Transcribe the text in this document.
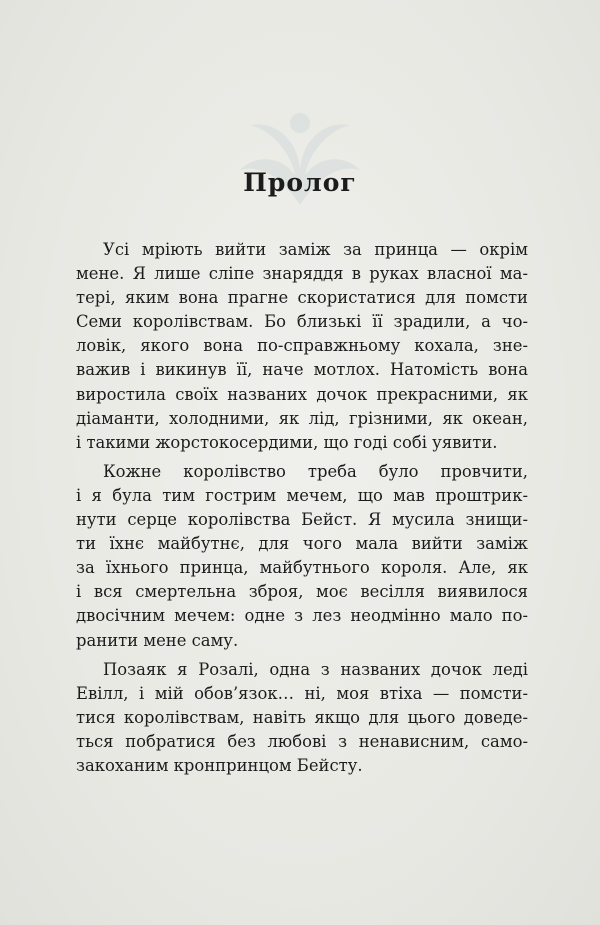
Пролог
Усі мріють вийти заміж за принца — окрім
мене. Я лише сліпе знаряддя в руках власної ма-
тері, яким вона прагне скористатися для помсти
Семи королівствам. Бо близькі її зрадили, а чо-
ловік, якого вона по-справжньому кохала, зне-
важив і викинув її, наче мотлох. Натомість вона
виростила своїх названих дочок прекрасними, як
діаманти, холодними, як лід, грізними, як океан,
і такими жорстокосердими, що годі собі уявити.
Кожне королівство треба було провчити,
і я була тим гострим мечем, що мав проштрик-
нути серце королівства Бейст. Я мусила знищи-
ти їхнє майбутнє, для чого мала вийти заміж
за їхнього принца, майбутнього короля. Але, як
і вся смертельна зброя, моє весілля виявилося
двосічним мечем: одне з лез неодмінно мало по-
ранити мене саму.
Позаяк я Розалі, одна з названих дочок леді
Евілл, і мій обов’язок… ні, моя втіха — помсти-
тися королівствам, навіть якщо для цього доведе-
ться побратися без любові з ненависним, само-
закоханим кронпринцом Бейсту.
